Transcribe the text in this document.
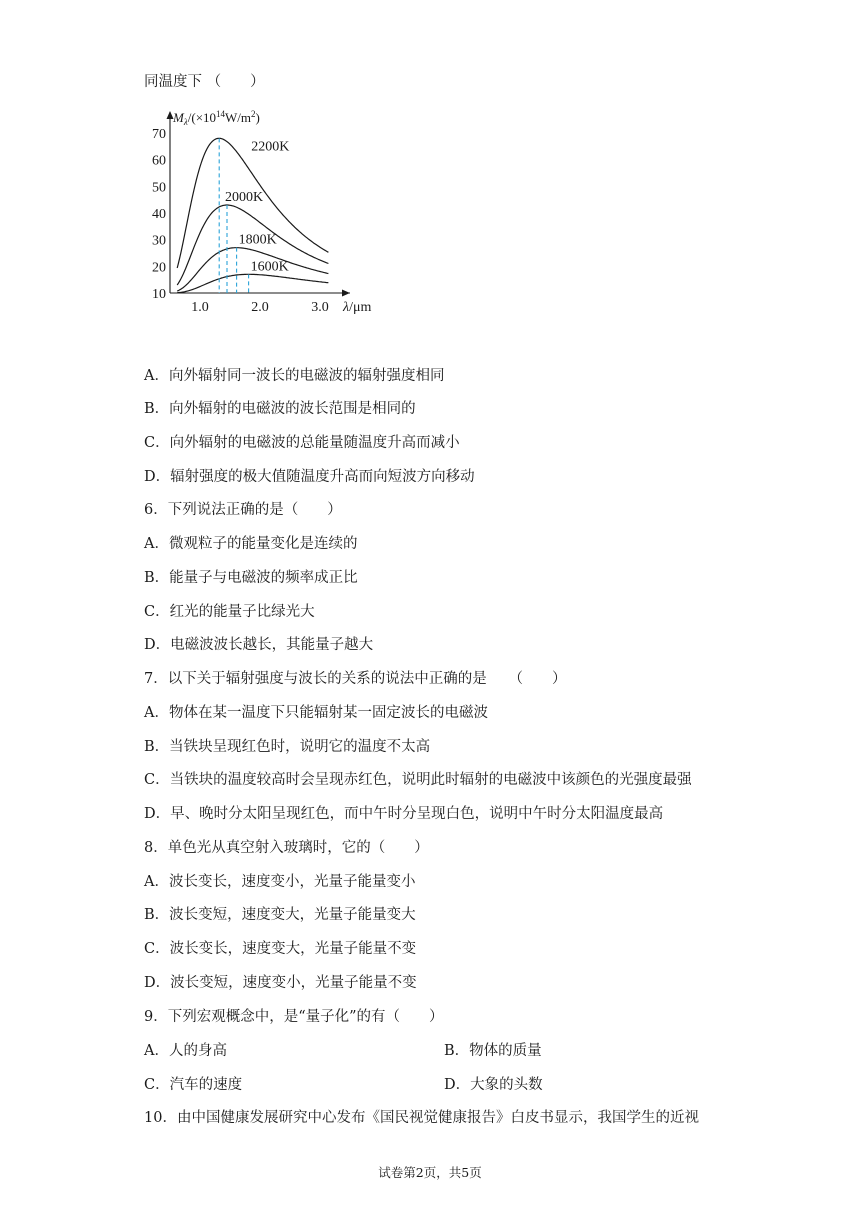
同温度下 （　　）
$M_\lambda/(\times 10^{14}W/m^2)$
λ/μm
70
60
50
40
30
20
10
1.0	2.0	3.0
2200K
2000K
1800K
1600K
A．向外辐射同一波长的电磁波的辐射强度相同
B．向外辐射的电磁波的波长范围是相同的
C．向外辐射的电磁波的总能量随温度升高而减小
D．辐射强度的极大值随温度升高而向短波方向移动
6．下列说法正确的是（　　）
A．微观粒子的能量变化是连续的
B．能量子与电磁波的频率成正比
C．红光的能量子比绿光大
D．电磁波波长越长，其能量子越大
7．以下关于辐射强度与波长的关系的说法中正确的是　　（　　）
A．物体在某一温度下只能辐射某一固定波长的电磁波
B．当铁块呈现红色时，说明它的温度不太高
C．当铁块的温度较高时会呈现赤红色，说明此时辐射的电磁波中该颜色的光强度最强
D．早、晚时分太阳呈现红色，而中午时分呈现白色，说明中午时分太阳温度最高
8．单色光从真空射入玻璃时，它的（　　）
A．波长变长，速度变小，光量子能量变小
B．波长变短，速度变大，光量子能量变大
C．波长变长，速度变大，光量子能量不变
D．波长变短，速度变小，光量子能量不变
9．下列宏观概念中，是“量子化”的有（　　）
A．人的身高	B．物体的质量
C．汽车的速度	D．大象的头数
10．由中国健康发展研究中心发布《国民视觉健康报告》白皮书显示，我国学生的近视
试卷第2页，共5页
